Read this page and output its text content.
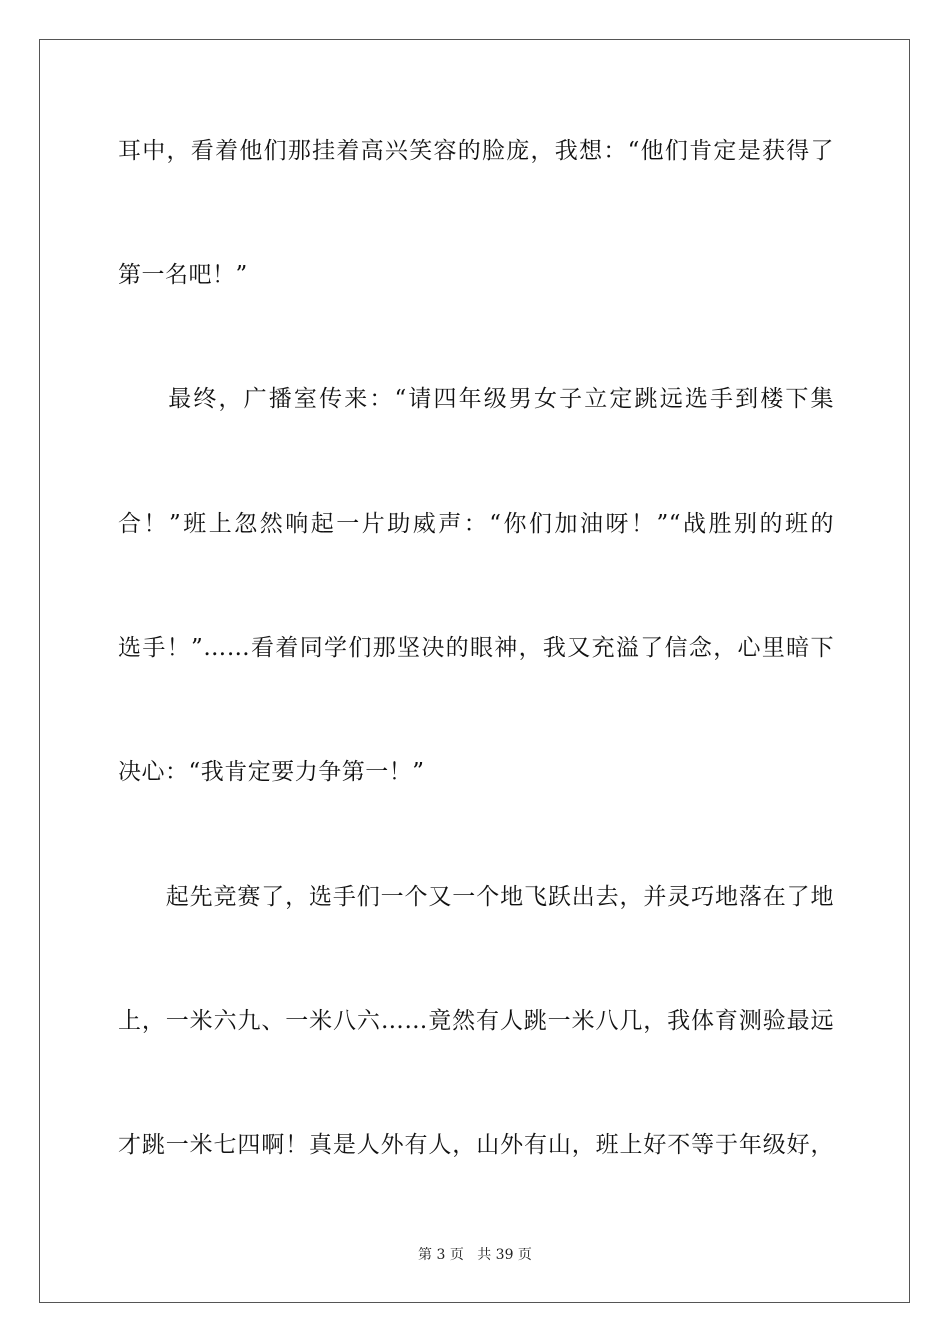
耳中，看着他们那挂着高兴笑容的脸庞，我想：“他们肯定是获得了
第一名吧！”
　　最终，广播室传来：“请四年级男女子立定跳远选手到楼下集
合！”班上忽然响起一片助威声：“你们加油呀！”“战胜别的班的
选手！”……看着同学们那坚决的眼神，我又充溢了信念，心里暗下
决心：“我肯定要力争第一！”
　　起先竞赛了，选手们一个又一个地飞跃出去，并灵巧地落在了地
上，一米六九、一米八六……竟然有人跳一米八几，我体育测验最远
才跳一米七四啊！真是人外有人，山外有山，班上好不等于年级好，
第 3 页 共 39 页
